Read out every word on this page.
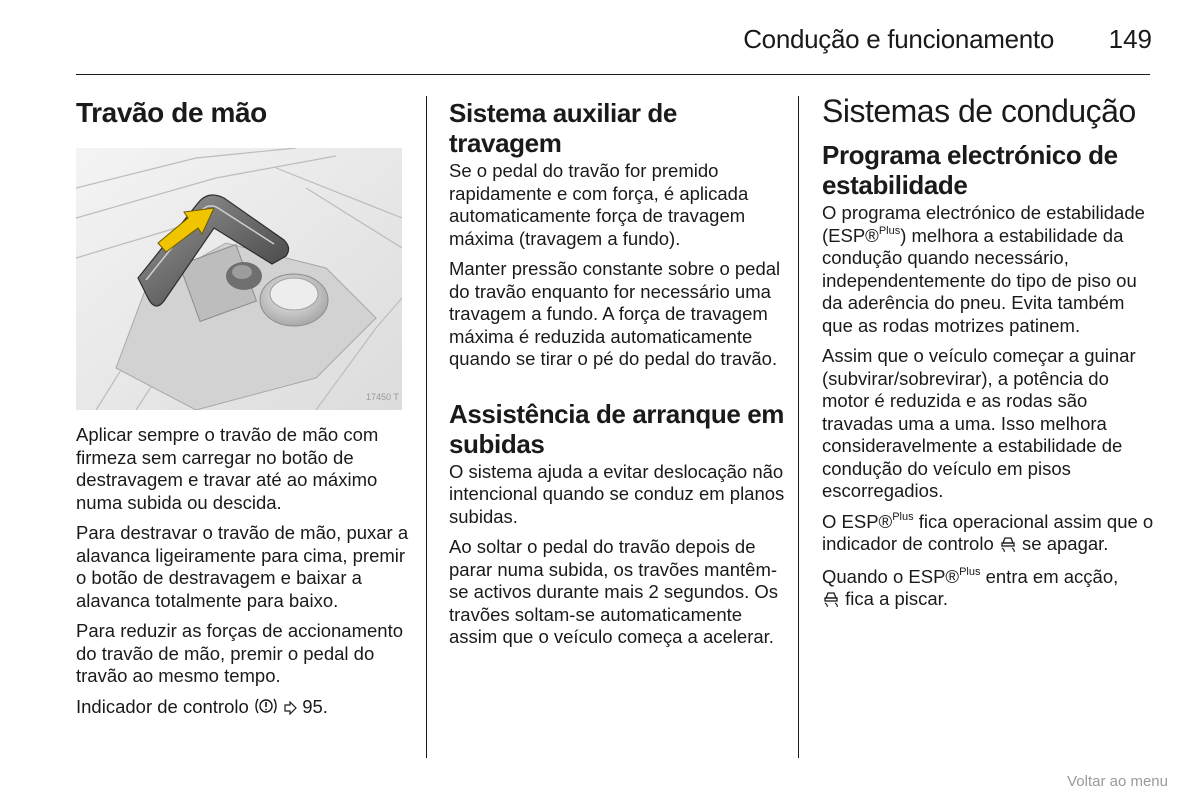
Condução e funcionamento 149
Travão de mão
17450 T

Aplicar sempre o travão de mão com firmeza sem carregar no botão de destravagem e travar até ao máximo numa subida ou descida.

Para destravar o travão de mão, puxar a alavanca ligeiramente para cima, premir o botão de destravagem e baixar a alavanca totalmente para baixo.

Para reduzir as forças de accionamento do travão de mão, premir o pedal do travão ao mesmo tempo.

Indicador de controlo	95.

Sistema auxiliar de travagem

Se o pedal do travão for premido rapidamente e com força, é aplicada automaticamente força de travagem máxima (travagem a fundo).

Manter pressão constante sobre o pedal do travão enquanto for necessário uma travagem a fundo. A força de travagem máxima é reduzida automaticamente quando se tirar o pé do pedal do travão.

Assistência de arranque em subidas

O sistema ajuda a evitar deslocação não intencional quando se conduz em planos subidas.

Ao soltar o pedal do travão depois de parar numa subida, os travões mantêm-se activos durante mais 2 segundos. Os travões soltam-se automaticamente assim que o veículo começa a acelerar.

Sistemas de condução
Programa electrónico de estabilidade

O programa electrónico de estabilidade (ESP®$^{Plus}$) melhora a estabilidade da condução quando necessário, independentemente do tipo de piso ou da aderência do pneu. Evita também que as rodas motrizes patinem.

Assim que o veículo começar a guinar (subvirar/sobrevirar), a potência do motor é reduzida e as rodas são travadas uma a uma. Isso melhora consideravelmente a estabilidade de condução do veículo em pisos escorregadios.

O ESP®$^{Plus}$ fica operacional assim que o indicador de controlo  se apagar.

Quando o ESP®$^{Plus}$ entra em acção,
fica a piscar.

Voltar ao menu
